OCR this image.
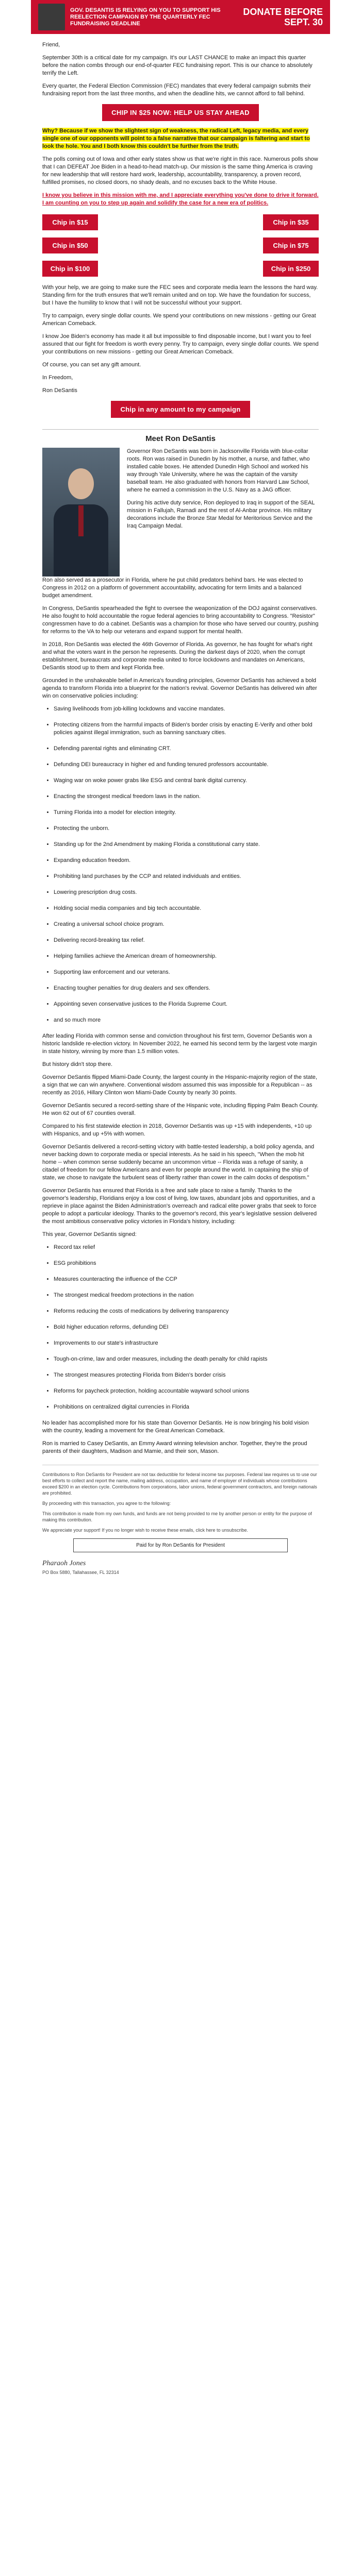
GOV. DESANTIS IS RELYING ON YOU TO SUPPORT HIS REELECTION CAMPAIGN BY THE QUARTERLY FEC FUNDRAISING DEADLINE
DONATE BEFORE
SEPT. 30

Friend,

September 30th is a critical date for my campaign. It's our LAST CHANCE to make an impact this quarter before the nation combs through our end-of-quarter FEC fundraising report. This is our chance to absolutely terrify the Left.

Every quarter, the Federal Election Commission (FEC) mandates that every federal campaign submits their fundraising report from the last three months, and when the deadline hits, we cannot afford to fall behind.

CHIP IN $25 NOW: HELP US STAY AHEAD

Why? Because if we show the slightest sign of weakness, the radical Left, legacy media, and every single one of our opponents will point to a false narrative that our campaign is faltering and start to look the hole. You and I both know this couldn't be further from the truth.

The polls coming out of Iowa and other early states show us that we're right in this race. Numerous polls show that I can DEFEAT Joe Biden in a head-to-head match-up. Our mission is the same thing America is craving for new leadership that will restore hard work, leadership, accountability, transparency, a proven record, fulfilled promises, no closed doors, no shady deals, and no excuses back to the White House.

I know you believe in this mission with me, and I appreciate everything you've done to drive it forward. I am counting on you to step up again and solidify the case for a new era of politics.

Chip in $15	Chip in $35
Chip in $50	Chip in $75
Chip in $100	Chip in $250

With your help, we are going to make sure the FEC sees and corporate media learn the lessons the hard way. Standing firm for the truth ensures that we'll remain united and on top. We have the foundation for success, but I have the humility to know that I will not be successful without your support.

Try to campaign, every single dollar counts. We spend your contributions on new missions - getting our Great American Comeback.

I know Joe Biden's economy has made it all but impossible to find disposable income, but I want you to feel assured that our fight for freedom is worth every penny. Try to campaign, every single dollar counts. We spend your contributions on new missions - getting our Great American Comeback.

Of course, you can set any gift amount.

In Freedom,

Ron DeSantis

Chip in any amount to my campaign
Meet Ron DeSantis

Governor Ron DeSantis was born in Jacksonville Florida with blue-collar roots. Ron was raised in Dunedin by his mother, a nurse, and father, who installed cable boxes. He attended Dunedin High School and worked his way through Yale University, where he was the captain of the varsity baseball team. He also graduated with honors from Harvard Law School, where he earned a commission in the U.S. Navy as a JAG officer.

During his active duty service, Ron deployed to Iraq in support of the SEAL mission in Fallujah, Ramadi and the rest of Al-Anbar province. His military decorations include the Bronze Star Medal for Meritorious Service and the Iraq Campaign Medal.

Ron also served as a prosecutor in Florida, where he put child predators behind bars. He was elected to Congress in 2012 on a platform of government accountability, advocating for term limits and a balanced budget amendment.

In Congress, DeSantis spearheaded the fight to oversee the weaponization of the DOJ against conservatives. He also fought to hold accountable the rogue federal agencies to bring accountability to Congress. "Resistor" congressmen have to do a cabinet. DeSantis was a champion for those who have served our country, pushing for reforms to the VA to help our veterans and expand support for mental health.

In 2018, Ron DeSantis was elected the 46th Governor of Florida. As governor, he has fought for what's right and what the voters want in the person he represents. During the darkest days of 2020, when the corrupt establishment, bureaucrats and corporate media united to force lockdowns and mandates on Americans, DeSantis stood up to them and kept Florida free.

Grounded in the unshakeable belief in America's founding principles, Governor DeSantis has achieved a bold agenda to transform Florida into a blueprint for the nation's revival. Governor DeSantis has delivered win after win on conservative policies including:

• Saving livelihoods from job-killing lockdowns and vaccine mandates.
• Protecting citizens from the harmful impacts of Biden's border crisis by enacting E-Verify and other bold policies against illegal immigration, such as banning sanctuary cities.
• Defending parental rights and eliminating CRT.
• Defunding DEI bureaucracy in higher ed and funding tenured professors accountable.
• Waging war on woke power grabs like ESG and central bank digital currency.
• Enacting the strongest medical freedom laws in the nation.
• Turning Florida into a model for election integrity.
• Protecting the unborn.
• Standing up for the 2nd Amendment by making Florida a constitutional carry state.
• Expanding education freedom.
• Prohibiting land purchases by the CCP and related individuals and entities.
• Lowering prescription drug costs.
• Holding social media companies and big tech accountable.
• Creating a universal school choice program.
• Delivering record-breaking tax relief.
• Helping families achieve the American dream of homeownership.
• Supporting law enforcement and our veterans.
• Enacting tougher penalties for drug dealers and sex offenders.
• Appointing seven conservative justices to the Florida Supreme Court.
• and so much more

After leading Florida with common sense and conviction throughout his first term, Governor DeSantis won a historic landslide re-election victory. In November 2022, he earned his second term by the largest vote margin in state history, winning by more than 1.5 million votes.

But history didn't stop there.

Governor DeSantis flipped Miami-Dade County, the largest county in the Hispanic-majority region of the state, a sign that we can win anywhere. Conventional wisdom assumed this was impossible for a Republican -- as recently as 2016, Hillary Clinton won Miami-Dade County by nearly 30 points.

Governor DeSantis secured a record-setting share of the Hispanic vote, including flipping Palm Beach County. He won 62 out of 67 counties overall.

Compared to his first statewide election in 2018, Governor DeSantis was up +15 with independents, +10 up with Hispanics, and up +5% with women.

Governor DeSantis delivered a record-setting victory with battle-tested leadership, a bold policy agenda, and never backing down to corporate media or special interests. As he said in his speech, "When the mob hit home -- when common sense suddenly became an uncommon virtue -- Florida was a refuge of sanity, a citadel of freedom for our fellow Americans and even for people around the world. In captaining the ship of state, we chose to navigate the turbulent seas of liberty rather than cower in the calm docks of despotism."

Governor DeSantis has ensured that Florida is a free and safe place to raise a family. Thanks to the governor's leadership, Floridians enjoy a low cost of living, low taxes, abundant jobs and opportunities, and a reprieve in place against the Biden Administration's overreach and radical elite power grabs that seek to force people to adopt a particular ideology. Thanks to the governor's record, this year's legislative session delivered the most ambitious conservative policy victories in Florida's history, including:

This year, Governor DeSantis signed:

• Record tax relief
• ESG prohibitions
• Measures counteracting the influence of the CCP
• The strongest medical freedom protections in the nation
• Reforms reducing the costs of medications by delivering transparency
• Bold higher education reforms, defunding DEI
• Improvements to our state's infrastructure
• Tough-on-crime, law and order measures, including the death penalty for child rapists
• The strongest measures protecting Florida from Biden's border crisis
• Reforms for paycheck protection, holding accountable wayward school unions
• Prohibitions on centralized digital currencies in Florida

No leader has accomplished more for his state than Governor DeSantis. He is now bringing his bold vision with the country, leading a movement for the Great American Comeback.

Ron is married to Casey DeSantis, an Emmy Award winning television anchor. Together, they're the proud parents of their daughters, Madison and Mamie, and their son, Mason.

Contributions to Ron DeSantis for President are not tax deductible for federal income tax purposes. Federal law requires us to use our best efforts to collect and report the name, mailing address, occupation, and name of employer of individuals whose contributions exceed $200 in an election cycle. Contributions from corporations, labor unions, federal government contractors, and foreign nationals are prohibited.

By proceeding with this transaction, you agree to the following:

This contribution is made from my own funds, and funds are not being provided to me by another person or entity for the purpose of making this contribution.

We appreciate your support! If you no longer wish to receive these emails, click here to unsubscribe.

Paid for by Ron DeSantis for President
Pharaoh Jones
PO Box 5880, Tallahassee, FL 32314
